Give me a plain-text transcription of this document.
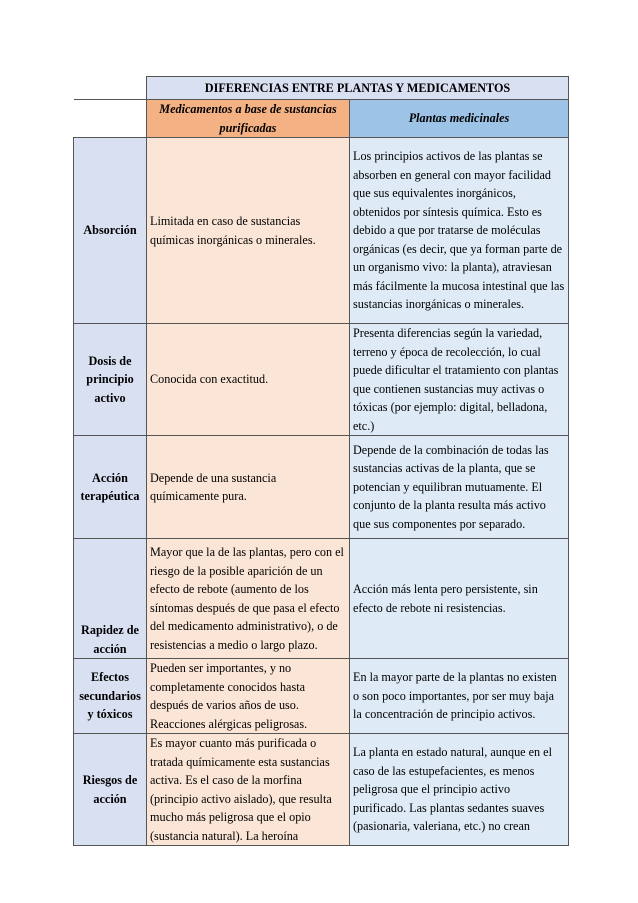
	DIFERENCIAS ENTRE PLANTAS Y MEDICAMENTOS	
	Medicamentos a base de sustancias purificadas	Plantas medicinales
Absorción	Limitada en caso de sustancias químicas inorgánicas o minerales.	Los principios activos de las plantas se absorben en general con mayor facilidad que sus equivalentes inorgánicos, obtenidos por síntesis química. Esto es debido a que por tratarse de moléculas orgánicas (es decir, que ya forman parte de un organismo vivo: la planta), atraviesan más fácilmente la mucosa intestinal que las sustancias inorgánicas o minerales.
Dosis de principio activo	Conocida con exactitud.	Presenta diferencias según la variedad, terreno y época de recolección, lo cual puede dificultar el tratamiento con plantas que contienen sustancias muy activas o tóxicas (por ejemplo: digital, belladona, etc.)
Acción terapéutica	Depende de una sustancia químicamente pura.	Depende de la combinación de todas las sustancias activas de la planta, que se potencian y equilibran mutuamente. El conjunto de la planta resulta más activo que sus componentes por separado.
Rapidez de acción	Mayor que la de las plantas, pero con el riesgo de la posible aparición de un efecto de rebote (aumento de los síntomas después de que pasa el efecto del medicamento administrativo), o de resistencias a medio o largo plazo.	Acción más lenta pero persistente, sin efecto de rebote ni resistencias.
Efectos secundarios y tóxicos	Pueden ser importantes, y no completamente conocidos hasta después de varios años de uso. Reacciones alérgicas peligrosas.	En la mayor parte de la plantas no existen o son poco importantes, por ser muy baja la concentración de principio activos.
Riesgos de acción	Es mayor cuanto más purificada o tratada químicamente esta sustancias activa. Es el caso de la morfina (principio activo aislado), que resulta mucho más peligrosa que el opio (sustancia natural). La heroína	La planta en estado natural, aunque en el caso de las estupefacientes, es menos peligrosa que el principio activo purificado. Las plantas sedantes suaves (pasionaria, valeriana, etc.) no crean
